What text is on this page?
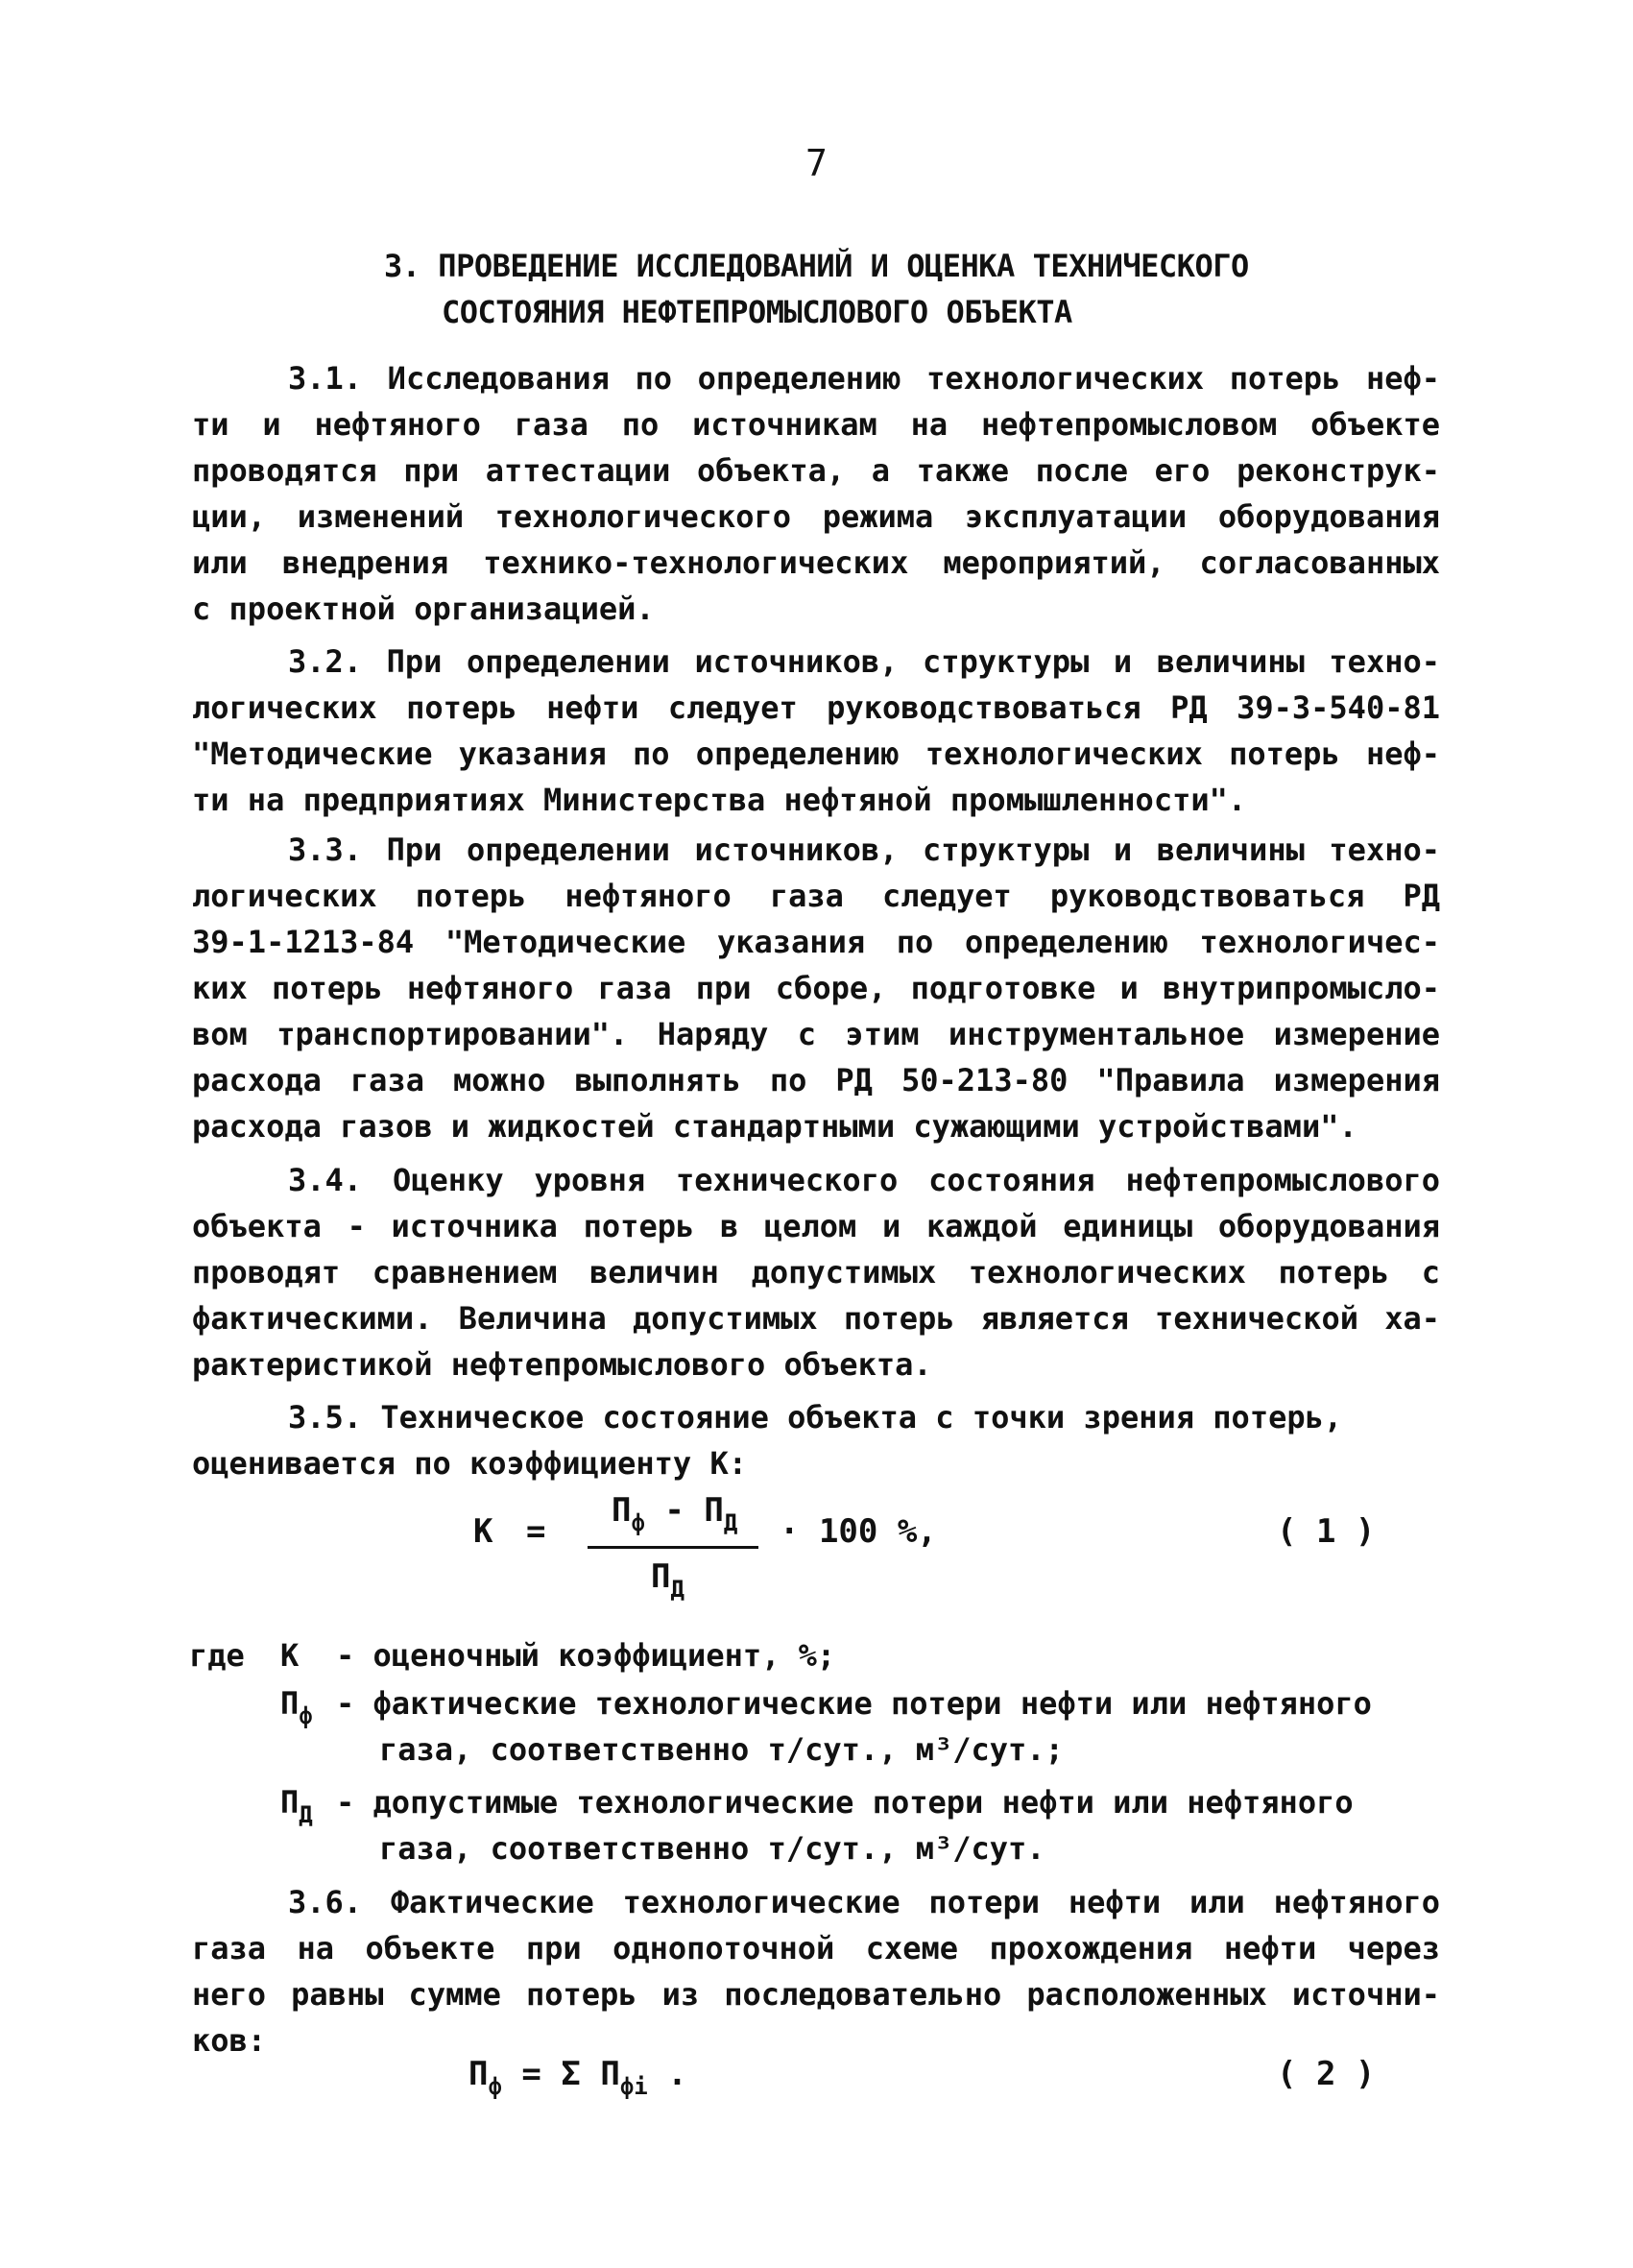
7
3. ПРОВЕДЕНИЕ ИССЛЕДОВАНИЙ И ОЦЕНКА ТЕХНИЧЕСКОГО
СОСТОЯНИЯ НЕФТЕПРОМЫСЛОВОГО ОБЪЕКТА
3.1. Исследования по определению технологических потерь неф-
ти и нефтяного газа по источникам на нефтепромысловом объекте
проводятся при аттестации объекта, а также после его реконструк-
ции, изменений технологического режима эксплуатации оборудования
или внедрения технико-технологических мероприятий, согласованных
с проектной организацией.
3.2. При определении источников, структуры и величины техно-
логических потерь нефти следует руководствоваться РД 39-3-540-81
"Методические указания по определению технологических потерь неф-
ти на предприятиях Министерства нефтяной промышленности".
3.3. При определении источников, структуры и величины техно-
логических потерь нефтяного газа следует руководствоваться РД
39-1-1213-84 "Методические указания по определению технологичес-
ких потерь нефтяного газа при сборе, подготовке и внутрипромысло-
вом транспортировании". Наряду с этим инструментальное измерение
расхода газа можно выполнять по РД 50-213-80 "Правила измерения
расхода газов и жидкостей стандартными сужающими устройствами".
3.4. Оценку уровня технического состояния нефтепромыслового
объекта - источника потерь в целом и каждой единицы оборудования
проводят сравнением величин допустимых технологических потерь с
фактическими. Величина допустимых потерь является технической ха-
рактеристикой нефтепромыслового объекта.
3.5. Техническое состояние объекта с точки зрения потерь,
оценивается по коэффициенту К:
К =
$П_ф - П_Д$
$П_Д$
· 100 %,	( 1 )
где К - оценочный коэффициент, %;
$П_ф$ - фактические технологические потери нефти или нефтяного
газа, соответственно т/сут., м³/сут.;
$П_Д$ - допустимые технологические потери нефти или нефтяного
газа, соответственно т/сут., м³/сут.
3.6. Фактические технологические потери нефти или нефтяного
газа на объекте при однопоточной схеме прохождения нефти через
него равны сумме потерь из последовательно расположенных источни-
ков:
$П_ф = \Sigma$ $П_{фi}$ .	( 2 )
